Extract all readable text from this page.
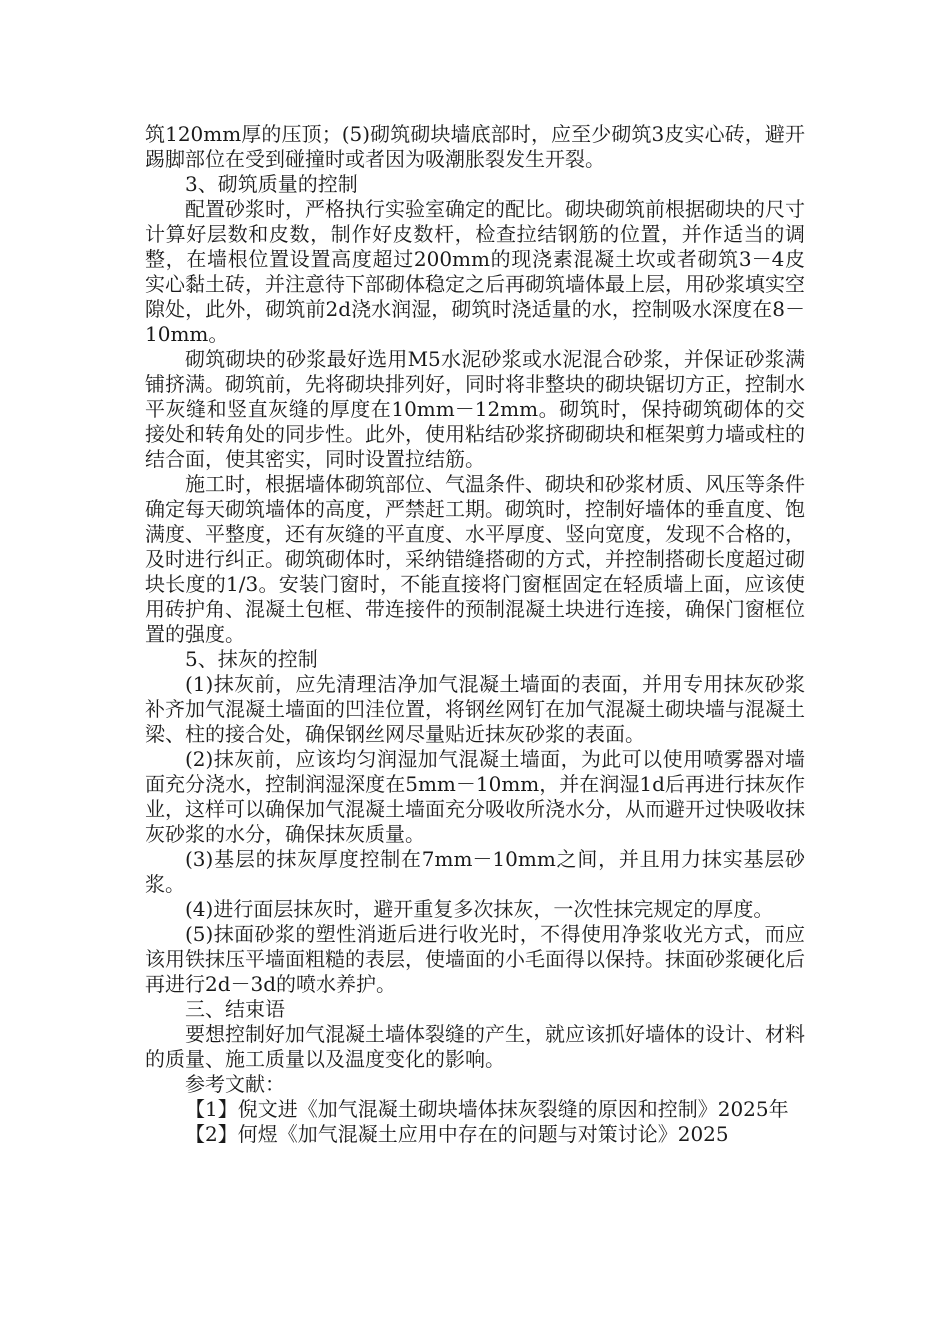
筑120mm厚的压顶；(5)砌筑砌块墙底部时，应至少砌筑3皮实心砖，避开踢脚部位在受到碰撞时或者因为吸潮胀裂发生开裂。

3、砌筑质量的控制

配置砂浆时，严格执行实验室确定的配比。砌块砌筑前根据砌块的尺寸计算好层数和皮数，制作好皮数杆，检查拉结钢筋的位置，并作适当的调整，在墙根位置设置高度超过200mm的现浇素混凝土坎或者砌筑3－4皮实心黏土砖，并注意待下部砌体稳定之后再砌筑墙体最上层，用砂浆填实空隙处，此外，砌筑前2d浇水润湿，砌筑时浇适量的水，控制吸水深度在8－10mm。

砌筑砌块的砂浆最好选用M5水泥砂浆或水泥混合砂浆，并保证砂浆满铺挤满。砌筑前，先将砌块排列好，同时将非整块的砌块锯切方正，控制水平灰缝和竖直灰缝的厚度在10mm－12mm。砌筑时，保持砌筑砌体的交接处和转角处的同步性。此外，使用粘结砂浆挤砌砌块和框架剪力墙或柱的结合面，使其密实，同时设置拉结筋。

施工时，根据墙体砌筑部位、气温条件、砌块和砂浆材质、风压等条件确定每天砌筑墙体的高度，严禁赶工期。砌筑时，控制好墙体的垂直度、饱满度、平整度，还有灰缝的平直度、水平厚度、竖向宽度，发现不合格的，及时进行纠正。砌筑砌体时，采纳错缝搭砌的方式，并控制搭砌长度超过砌块长度的1/3。安装门窗时，不能直接将门窗框固定在轻质墙上面，应该使用砖护角、混凝土包框、带连接件的预制混凝土块进行连接，确保门窗框位置的强度。

5、抹灰的控制

(1)抹灰前，应先清理洁净加气混凝土墙面的表面，并用专用抹灰砂浆补齐加气混凝土墙面的凹洼位置，将钢丝网钉在加气混凝土砌块墙与混凝土梁、柱的接合处，确保钢丝网尽量贴近抹灰砂浆的表面。

(2)抹灰前，应该均匀润湿加气混凝土墙面，为此可以使用喷雾器对墙面充分浇水，控制润湿深度在5mm－10mm，并在润湿1d后再进行抹灰作业，这样可以确保加气混凝土墙面充分吸收所浇水分，从而避开过快吸收抹灰砂浆的水分，确保抹灰质量。

(3)基层的抹灰厚度控制在7mm－10mm之间，并且用力抹实基层砂浆。

(4)进行面层抹灰时，避开重复多次抹灰，一次性抹完规定的厚度。

(5)抹面砂浆的塑性消逝后进行收光时，不得使用净浆收光方式，而应该用铁抹压平墙面粗糙的表层，使墙面的小毛面得以保持。抹面砂浆硬化后再进行2d－3d的喷水养护。

三、结束语

要想控制好加气混凝土墙体裂缝的产生，就应该抓好墙体的设计、材料的质量、施工质量以及温度变化的影响。

参考文献：

【1】倪文进《加气混凝土砌块墙体抹灰裂缝的原因和控制》2025年

【2】何煜《加气混凝土应用中存在的问题与对策讨论》2025
